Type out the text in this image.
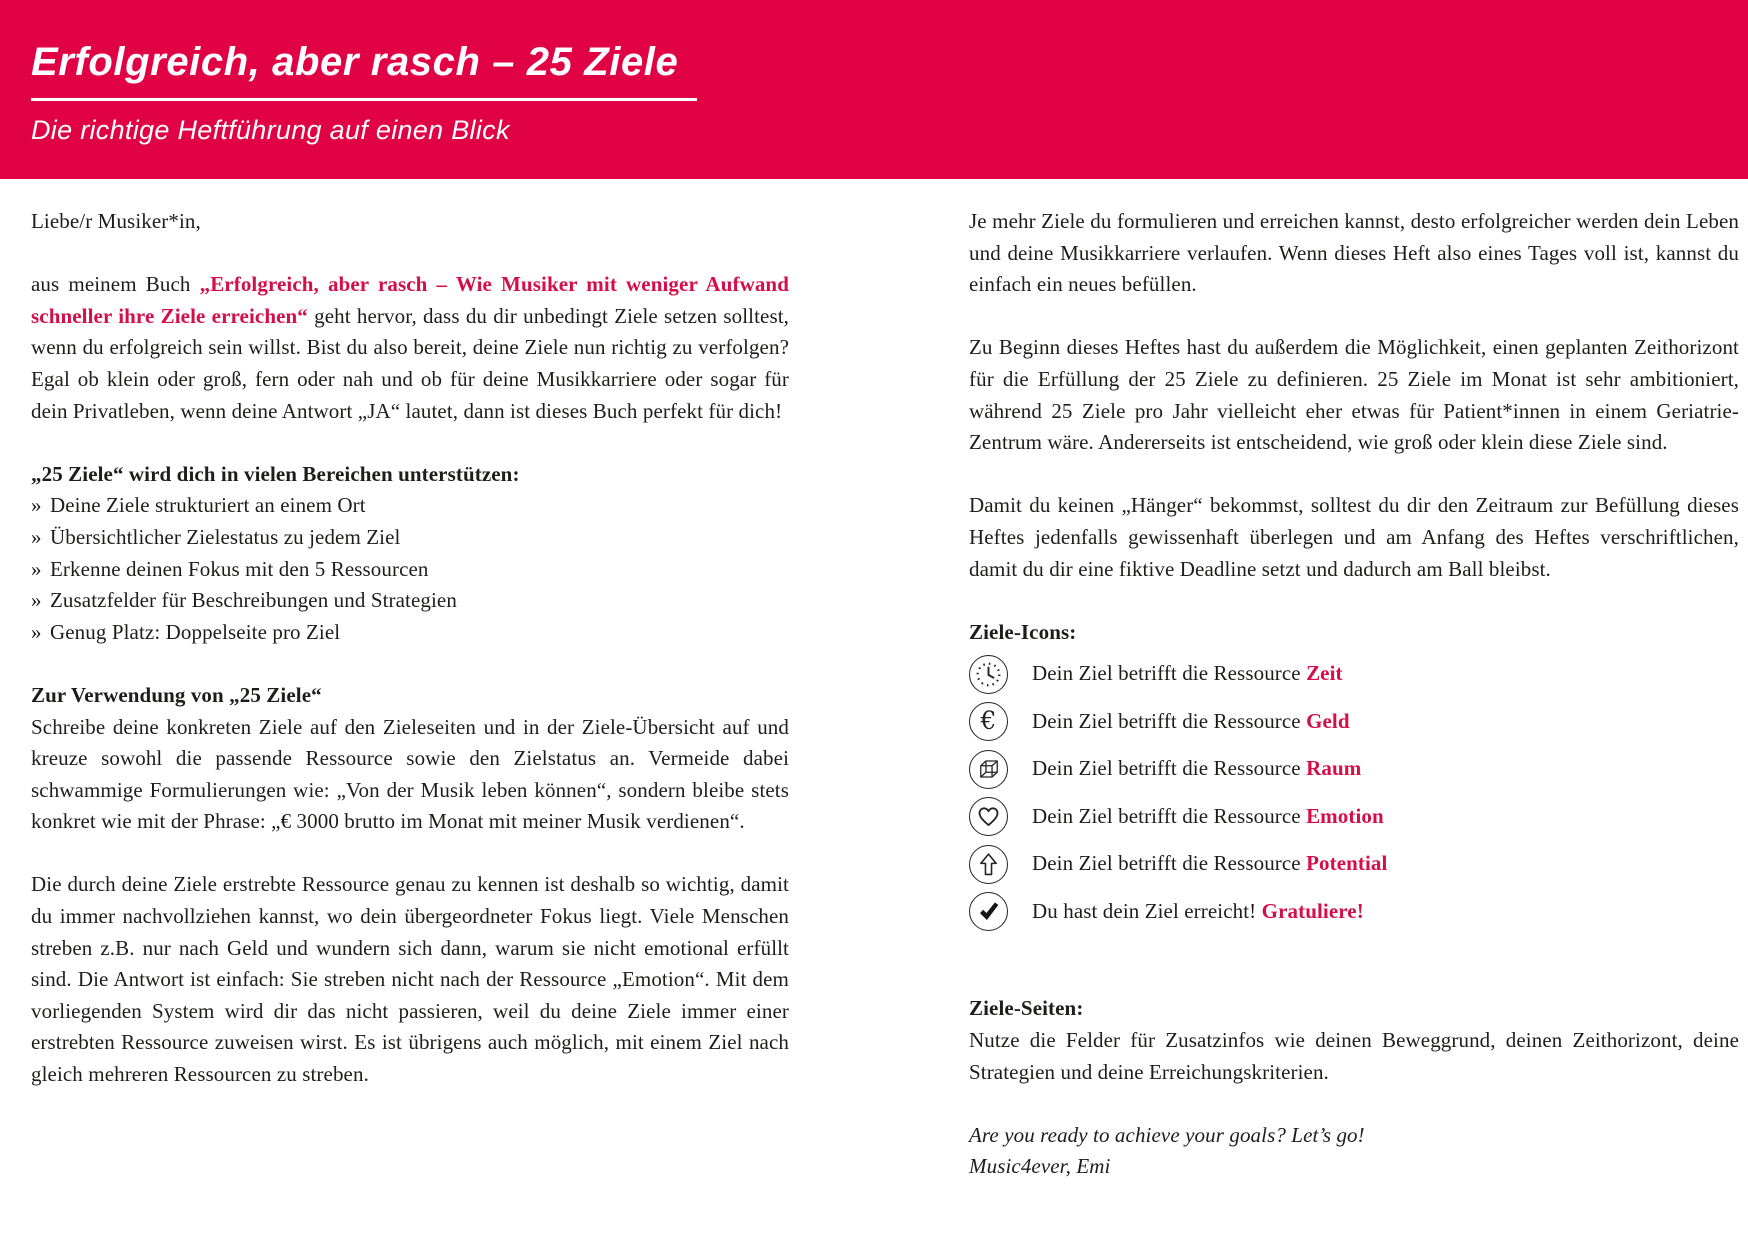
Erfolgreich, aber rasch – 25 Ziele
Die richtige Heftführung auf einen Blick

Liebe/r Musiker*in,

aus meinem Buch „Erfolgreich, aber rasch – Wie Musiker mit weniger Aufwand schneller ihre Ziele erreichen“ geht hervor, dass du dir unbedingt Ziele setzen solltest, wenn du erfolgreich sein willst. Bist du also bereit, deine Ziele nun richtig zu verfolgen? Egal ob klein oder groß, fern oder nah und ob für deine Musikkarriere oder sogar für dein Privatleben, wenn deine Antwort „JA“ lautet, dann ist dieses Buch perfekt für dich!

„25 Ziele“ wird dich in vielen Bereichen unterstützen:
» Deine Ziele strukturiert an einem Ort
» Übersichtlicher Zielestatus zu jedem Ziel
» Erkenne deinen Fokus mit den 5 Ressourcen
» Zusatzfelder für Beschreibungen und Strategien
» Genug Platz: Doppelseite pro Ziel
Zur Verwendung von „25 Ziele“

Schreibe deine konkreten Ziele auf den Zieleseiten und in der Ziele-Übersicht auf und kreuze sowohl die passende Ressource sowie den Zielstatus an. Vermeide dabei schwammige Formulierungen wie: „Von der Musik leben können“, sondern bleibe stets konkret wie mit der Phrase: „€ 3000 brutto im Monat mit meiner Musik verdienen“.

Die durch deine Ziele erstrebte Ressource genau zu kennen ist deshalb so wichtig, damit du immer nachvollziehen kannst, wo dein übergeordneter Fokus liegt. Viele Menschen streben z.B. nur nach Geld und wundern sich dann, warum sie nicht emotional erfüllt sind. Die Antwort ist einfach: Sie streben nicht nach der Ressource „Emotion“. Mit dem vorliegenden System wird dir das nicht passieren, weil du deine Ziele immer einer erstrebten Ressource zuweisen wirst. Es ist übrigens auch möglich, mit einem Ziel nach gleich mehreren Ressourcen zu streben.

Je mehr Ziele du formulieren und erreichen kannst, desto erfolgreicher werden dein Leben und deine Musikkarriere verlaufen. Wenn dieses Heft also eines Tages voll ist, kannst du einfach ein neues befüllen.

Zu Beginn dieses Heftes hast du außerdem die Möglichkeit, einen geplanten Zeithorizont für die Erfüllung der 25 Ziele zu definieren. 25 Ziele im Monat ist sehr ambitioniert, während 25 Ziele pro Jahr vielleicht eher etwas für Patient*innen in einem Geriatrie-Zentrum wäre. Andererseits ist entscheidend, wie groß oder klein diese Ziele sind.

Damit du keinen „Hänger“ bekommst, solltest du dir den Zeitraum zur Befüllung dieses Heftes jedenfalls gewissenhaft überlegen und am Anfang des Heftes verschriftlichen, damit du dir eine fiktive Deadline setzt und dadurch am Ball bleibst.

Ziele-Icons:
Dein Ziel betrifft die Ressource Zeit
€ Dein Ziel betrifft die Ressource Geld
Dein Ziel betrifft die Ressource Raum
Dein Ziel betrifft die Ressource Emotion
Dein Ziel betrifft die Ressource Potential
Du hast dein Ziel erreicht! Gratuliere!
Ziele-Seiten:

Nutze die Felder für Zusatzinfos wie deinen Beweggrund, deinen Zeithorizont, deine Strategien und deine Erreichungskriterien.

Are you ready to achieve your goals? Let’s go!
Music4ever, Emi
